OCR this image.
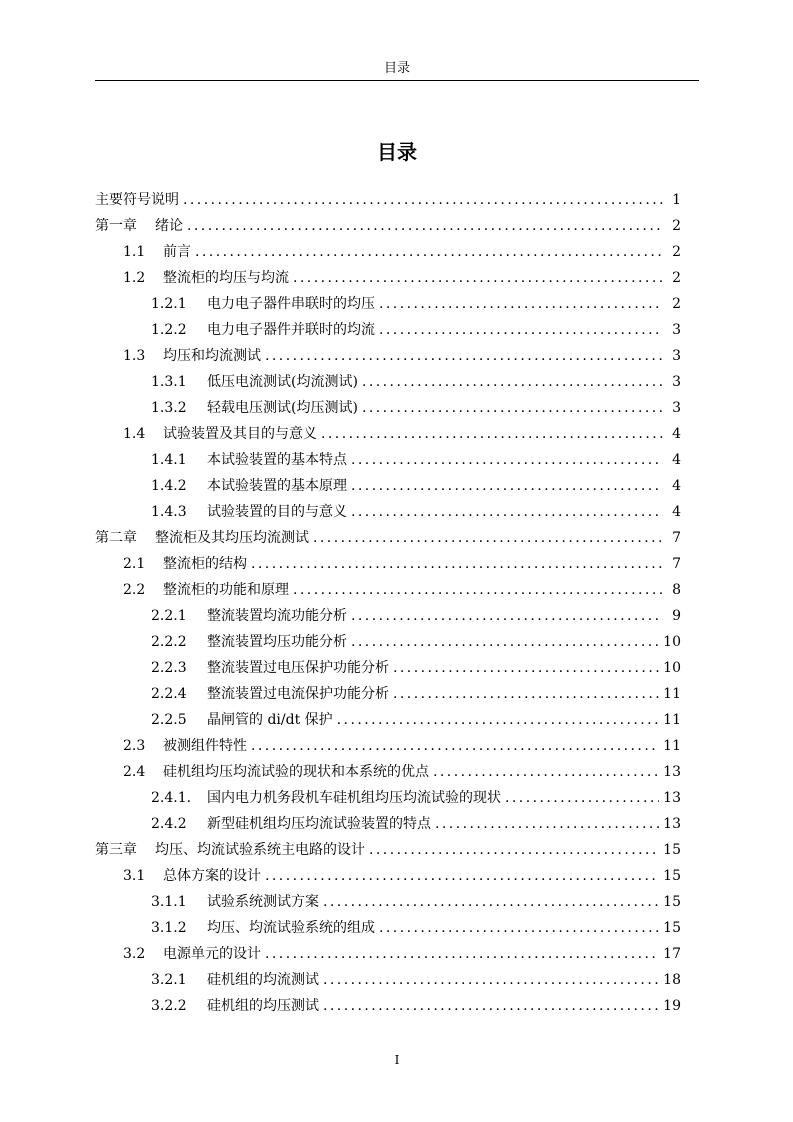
目录
目录
主要符号说明 . . .	1
第一章	绪论 . . .	2
1.1	前言 . . .	2
1.2	整流柜的均压与均流 . . .	2
1.2.1	电力电子器件串联时的均压 . . .	2
1.2.2	电力电子器件并联时的均流 . . .	3
1.3	均压和均流测试 . . .	3
1.3.1	低压电流测试(均流测试) . . .	3
1.3.2	轻载电压测试(均压测试) . . .	3
1.4	试验装置及其目的与意义 . . .	4
1.4.1	本试验装置的基本特点 . . .	4
1.4.2	本试验装置的基本原理 . . .	4
1.4.3	试验装置的目的与意义 . . .	4
第二章	整流柜及其均压均流测试 . . .	7
2.1	整流柜的结构 . . .	7
2.2	整流柜的功能和原理 . . .	8
2.2.1	整流装置均流功能分析 . . .	9
2.2.2	整流装置均压功能分析 . . .	10
2.2.3	整流装置过电压保护功能分析 . . .	10
2.2.4	整流装置过电流保护功能分析 . . .	11
2.2.5	晶闸管的 di/dt 保护 . . .	11
2.3	被测组件特性 . . .	11
2.4	硅机组均压均流试验的现状和本系统的优点 . . .	13
2.4.1.	国内电力机务段机车硅机组均压均流试验的现状 . . .	13
2.4.2	新型硅机组均压均流试验装置的特点 . . .	13
第三章	均压、均流试验系统主电路的设计 . . .	15
3.1	总体方案的设计 . . .	15
3.1.1	试验系统测试方案 . . .	15
3.1.2	均压、均流试验系统的组成 . . .	15
3.2	电源单元的设计 . . .	17
3.2.1	硅机组的均流测试 . . .	18
3.2.2	硅机组的均压测试 . . .	19
I
